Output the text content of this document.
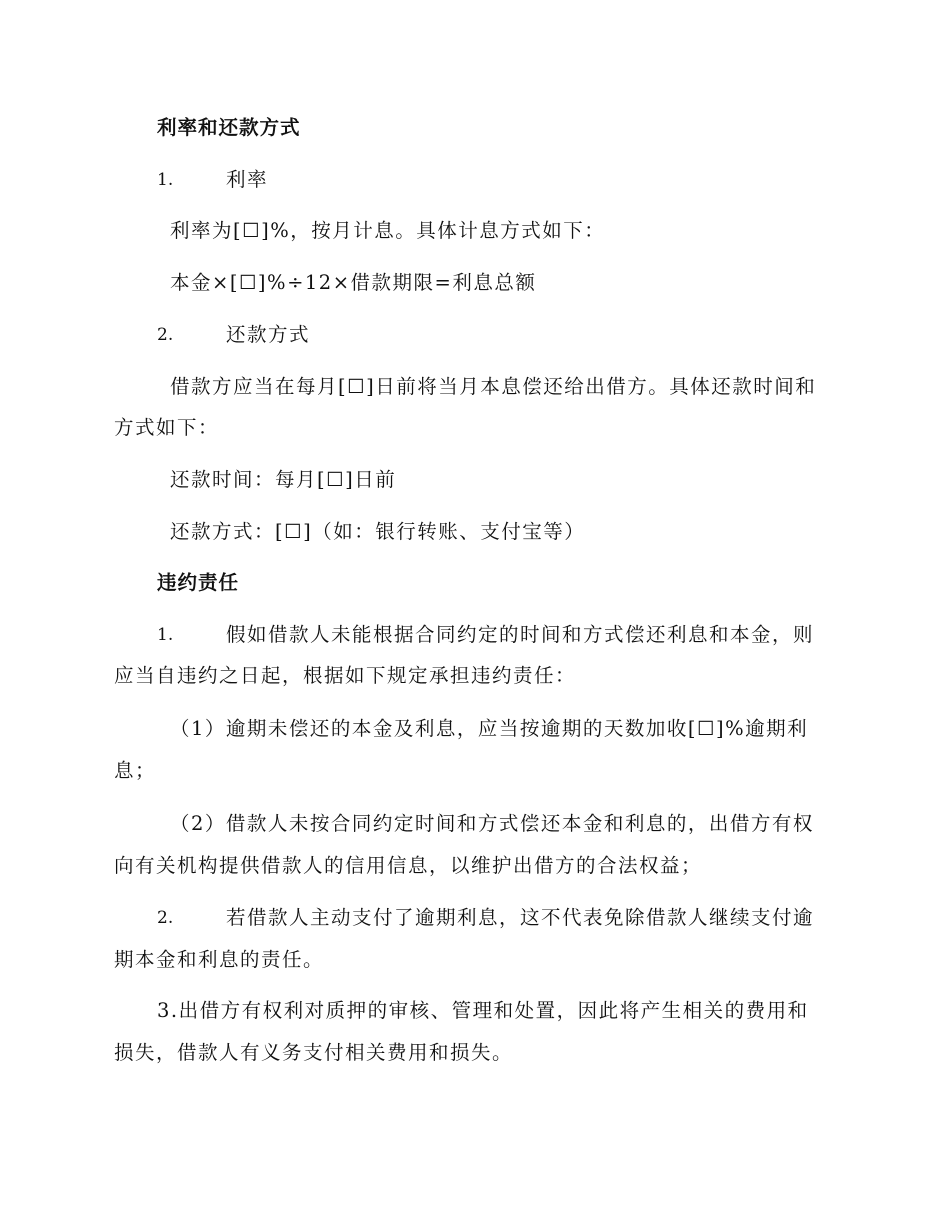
利率和还款方式
1.	利率
利率为[☐]%，按月计息。具体计息方式如下：
本金×[☐]%÷12×借款期限=利息总额
2.	还款方式
借款方应当在每月[☐]日前将当月本息偿还给出借方。具体还款时间和
方式如下：
还款时间：每月[☐]日前
还款方式：[☐]（如：银行转账、支付宝等）
违约责任
1.	假如借款人未能根据合同约定的时间和方式偿还利息和本金，则
应当自违约之日起，根据如下规定承担违约责任：
（1）逾期未偿还的本金及利息，应当按逾期的天数加收[☐]%逾期利
息；
（2）借款人未按合同约定时间和方式偿还本金和利息的，出借方有权
向有关机构提供借款人的信用信息，以维护出借方的合法权益；
2.	若借款人主动支付了逾期利息，这不代表免除借款人继续支付逾
期本金和利息的责任。
3.出借方有权利对质押的审核、管理和处置，因此将产生相关的费用和
损失，借款人有义务支付相关费用和损失。
